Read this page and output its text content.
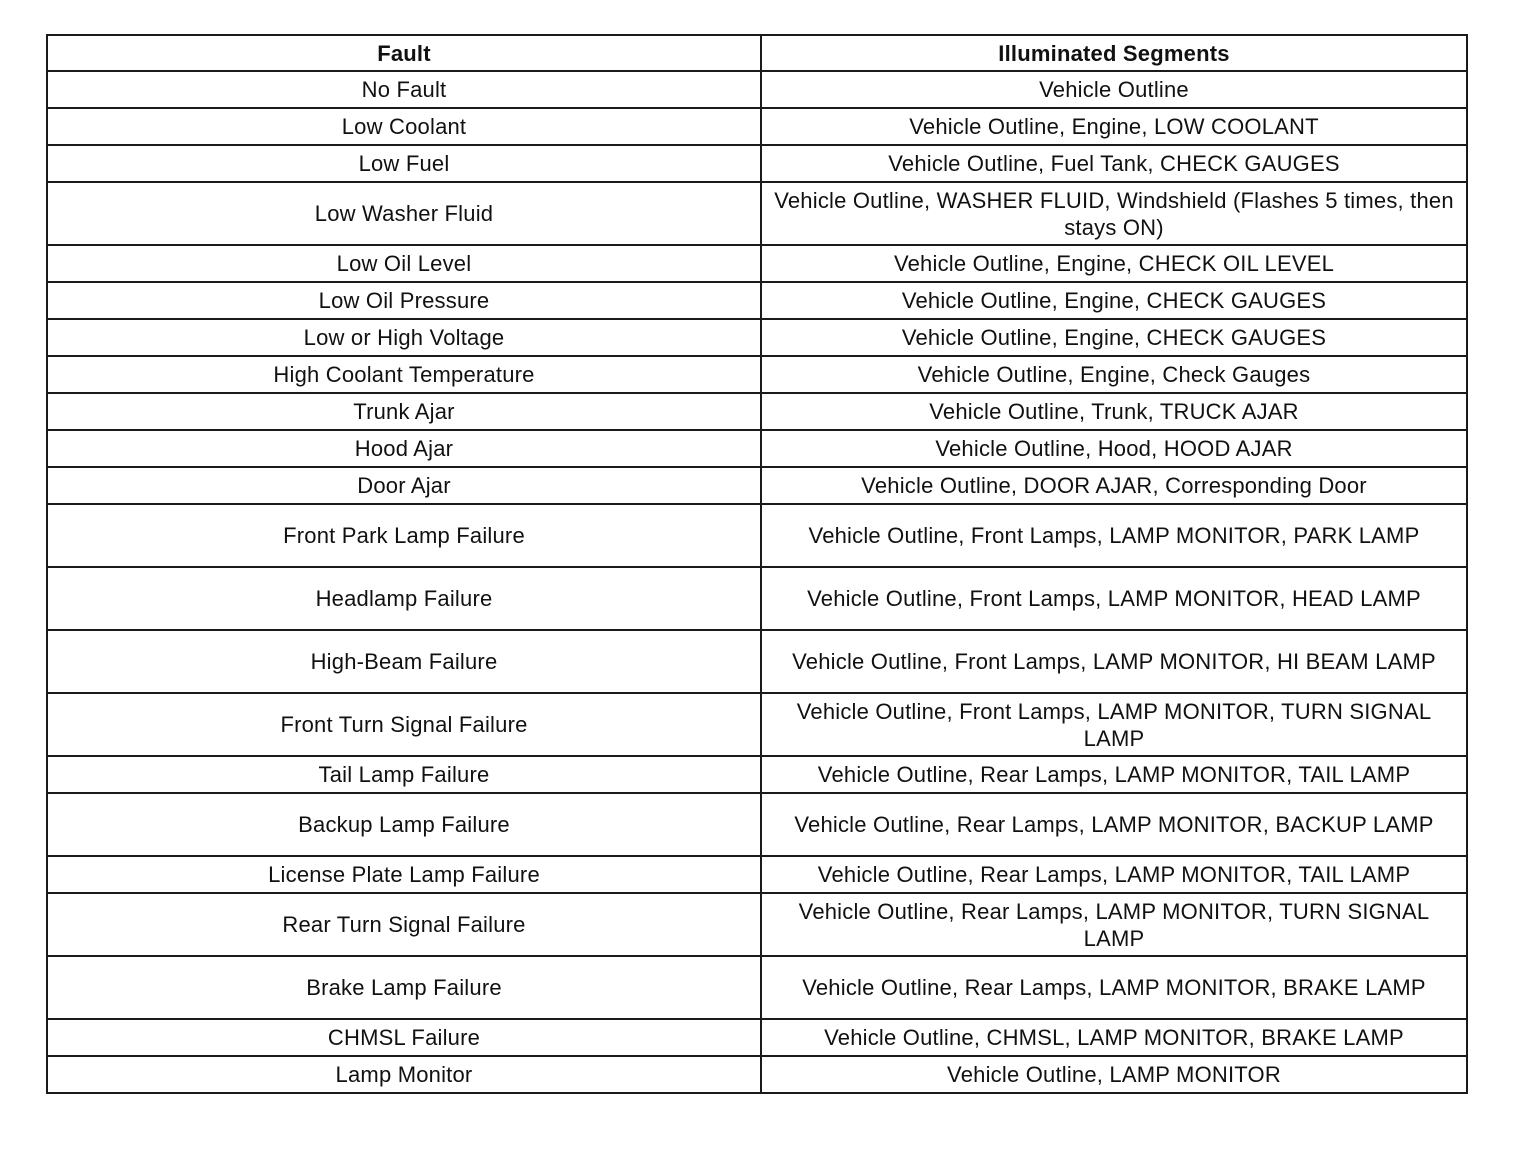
Fault	Illuminated Segments
No Fault	Vehicle Outline
Low Coolant	Vehicle Outline, Engine, LOW COOLANT
Low Fuel	Vehicle Outline, Fuel Tank, CHECK GAUGES
Low Washer Fluid	Vehicle Outline, WASHER FLUID, Windshield (Flashes 5 times, then stays ON)
Low Oil Level	Vehicle Outline, Engine, CHECK OIL LEVEL
Low Oil Pressure	Vehicle Outline, Engine, CHECK GAUGES
Low or High Voltage	Vehicle Outline, Engine, CHECK GAUGES
High Coolant Temperature	Vehicle Outline, Engine, Check Gauges
Trunk Ajar	Vehicle Outline, Trunk, TRUCK AJAR
Hood Ajar	Vehicle Outline, Hood, HOOD AJAR
Door Ajar	Vehicle Outline, DOOR AJAR, Corresponding Door
Front Park Lamp Failure	Vehicle Outline, Front Lamps, LAMP MONITOR, PARK LAMP
Headlamp Failure	Vehicle Outline, Front Lamps, LAMP MONITOR, HEAD LAMP
High-Beam Failure	Vehicle Outline, Front Lamps, LAMP MONITOR, HI BEAM LAMP
Front Turn Signal Failure	Vehicle Outline, Front Lamps, LAMP MONITOR, TURN SIGNAL LAMP
Tail Lamp Failure	Vehicle Outline, Rear Lamps, LAMP MONITOR, TAIL LAMP
Backup Lamp Failure	Vehicle Outline, Rear Lamps, LAMP MONITOR, BACKUP LAMP
License Plate Lamp Failure	Vehicle Outline, Rear Lamps, LAMP MONITOR, TAIL LAMP
Rear Turn Signal Failure	Vehicle Outline, Rear Lamps, LAMP MONITOR, TURN SIGNAL LAMP
Brake Lamp Failure	Vehicle Outline, Rear Lamps, LAMP MONITOR, BRAKE LAMP
CHMSL Failure	Vehicle Outline, CHMSL, LAMP MONITOR, BRAKE LAMP
Lamp Monitor	Vehicle Outline, LAMP MONITOR
